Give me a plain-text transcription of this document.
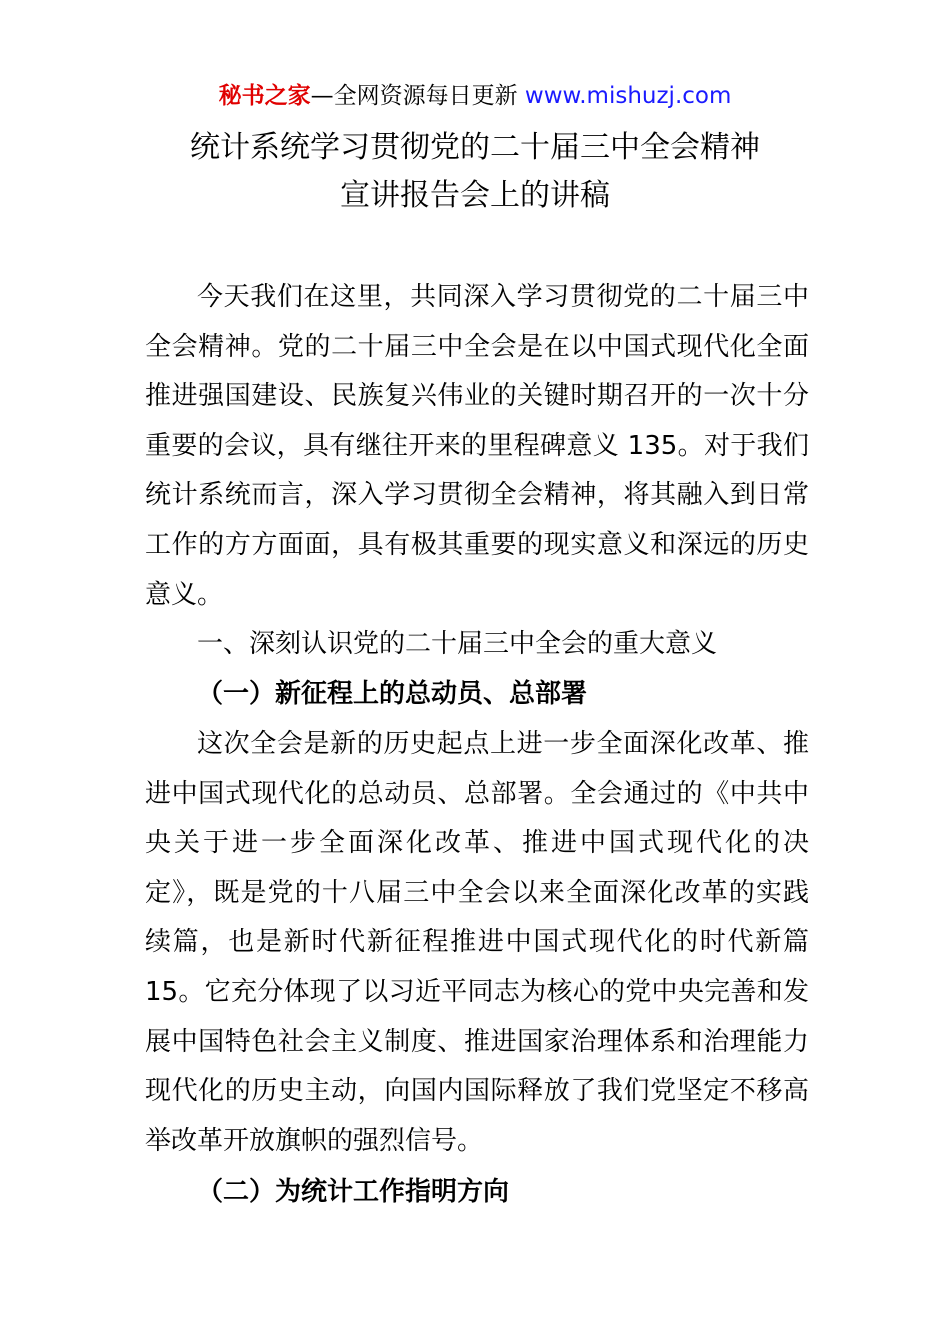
秘书之家—全网资源每日更新 www.mishuzj.com
统计系统学习贯彻党的二十届三中全会精神
宣讲报告会上的讲稿
今天我们在这里，共同深入学习贯彻党的二十届三中
全会精神。党的二十届三中全会是在以中国式现代化全面
推进强国建设、民族复兴伟业的关键时期召开的一次十分
重要的会议，具有继往开来的里程碑意义 135。对于我们
统计系统而言，深入学习贯彻全会精神，将其融入到日常
工作的方方面面，具有极其重要的现实意义和深远的历史
意义。
一、深刻认识党的二十届三中全会的重大意义
（一）新征程上的总动员、总部署
这次全会是新的历史起点上进一步全面深化改革、推
进中国式现代化的总动员、总部署。全会通过的《中共中
央关于进一步全面深化改革、推进中国式现代化的决
定》，既是党的十八届三中全会以来全面深化改革的实践
续篇，也是新时代新征程推进中国式现代化的时代新篇
15。它充分体现了以习近平同志为核心的党中央完善和发
展中国特色社会主义制度、推进国家治理体系和治理能力
现代化的历史主动，向国内国际释放了我们党坚定不移高
举改革开放旗帜的强烈信号。
（二）为统计工作指明方向
